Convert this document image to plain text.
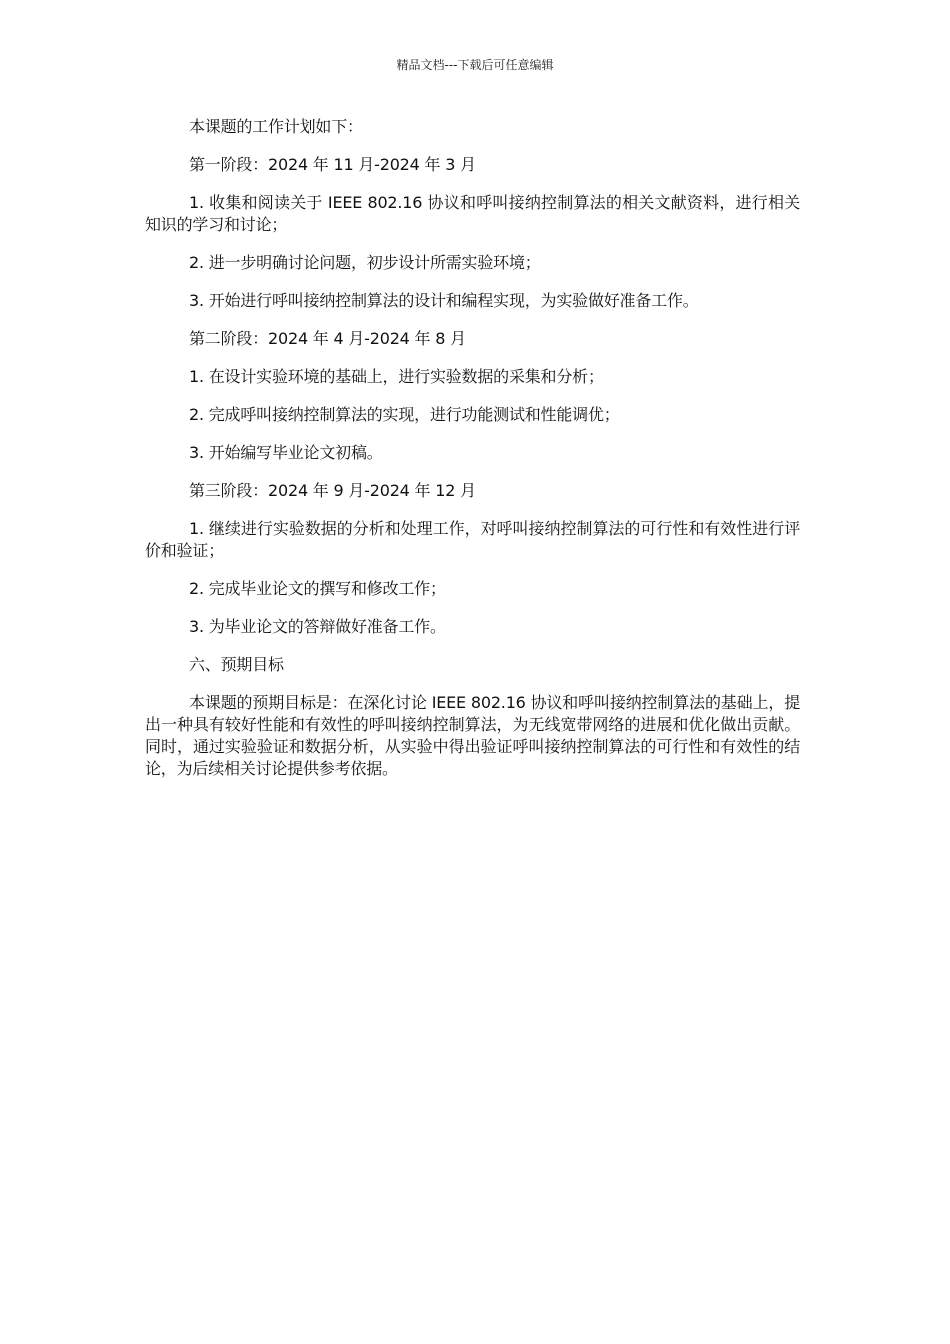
精品文档---下载后可任意编辑

本课题的工作计划如下：

第一阶段：2024 年 11 月-2024 年 3 月

1. 收集和阅读关于 IEEE 802.16 协议和呼叫接纳控制算法的相关文献资料，进行相关知识的学习和讨论；

2. 进一步明确讨论问题，初步设计所需实验环境；

3. 开始进行呼叫接纳控制算法的设计和编程实现，为实验做好准备工作。

第二阶段：2024 年 4 月-2024 年 8 月

1. 在设计实验环境的基础上，进行实验数据的采集和分析；

2. 完成呼叫接纳控制算法的实现，进行功能测试和性能调优；

3. 开始编写毕业论文初稿。

第三阶段：2024 年 9 月-2024 年 12 月

1. 继续进行实验数据的分析和处理工作，对呼叫接纳控制算法的可行性和有效性进行评价和验证；

2. 完成毕业论文的撰写和修改工作；

3. 为毕业论文的答辩做好准备工作。

六、预期目标

本课题的预期目标是：在深化讨论 IEEE 802.16 协议和呼叫接纳控制算法的基础上，提出一种具有较好性能和有效性的呼叫接纳控制算法，为无线宽带网络的进展和优化做出贡献。同时，通过实验验证和数据分析，从实验中得出验证呼叫接纳控制算法的可行性和有效性的结论，为后续相关讨论提供参考依据。
